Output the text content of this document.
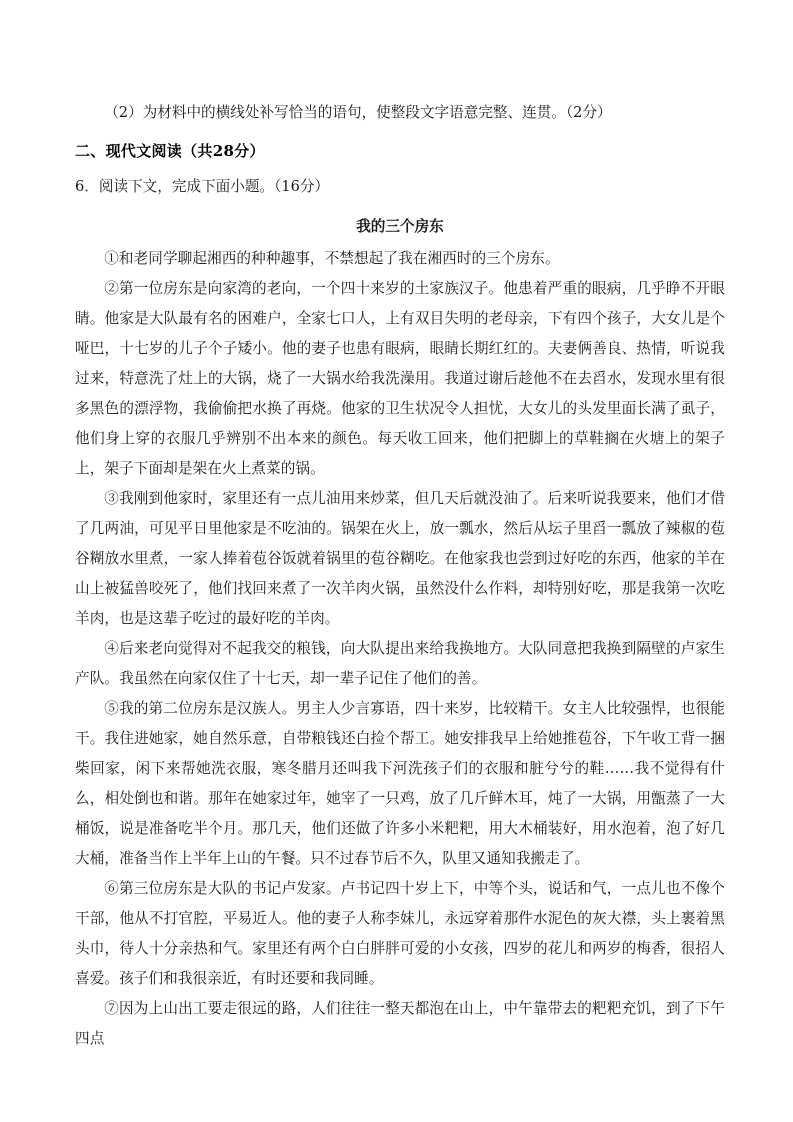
（2）为材料中的横线处补写恰当的语句，使整段文字语意完整、连贯。（2分）

二、现代文阅读（共28分）

6．阅读下文，完成下面小题。（16分）

我的三个房东

①和老同学聊起湘西的种种趣事，不禁想起了我在湘西时的三个房东。

②第一位房东是向家湾的老向，一个四十来岁的土家族汉子。他患着严重的眼病，几乎睁不开眼睛。他家是大队最有名的困难户，全家七口人，上有双目失明的老母亲，下有四个孩子，大女儿是个哑巴，十七岁的儿子个子矮小。他的妻子也患有眼病，眼睛长期红红的。夫妻俩善良、热情，听说我过来，特意洗了灶上的大锅，烧了一大锅水给我洗澡用。我道过谢后趁他不在去舀水，发现水里有很多黑色的漂浮物，我偷偷把水换了再烧。他家的卫生状况令人担忧，大女儿的头发里面长满了虱子，他们身上穿的衣服几乎辨别不出本来的颜色。每天收工回来，他们把脚上的草鞋搁在火塘上的架子上，架子下面却是架在火上煮菜的锅。

③我刚到他家时，家里还有一点儿油用来炒菜，但几天后就没油了。后来听说我要来，他们才借了几两油，可见平日里他家是不吃油的。锅架在火上，放一瓢水，然后从坛子里舀一瓢放了辣椒的苞谷糊放水里煮，一家人捧着苞谷饭就着锅里的苞谷糊吃。在他家我也尝到过好吃的东西，他家的羊在山上被猛兽咬死了，他们找回来煮了一次羊肉火锅，虽然没什么作料，却特别好吃，那是我第一次吃羊肉，也是这辈子吃过的最好吃的羊肉。

④后来老向觉得对不起我交的粮钱，向大队提出来给我换地方。大队同意把我换到隔壁的卢家生产队。我虽然在向家仅住了十七天，却一辈子记住了他们的善。

⑤我的第二位房东是汉族人。男主人少言寡语，四十来岁，比较精干。女主人比较强悍，也很能干。我住进她家，她自然乐意，自带粮钱还白捡个帮工。她安排我早上给她推苞谷，下午收工背一捆柴回家，闲下来帮她洗衣服，寒冬腊月还叫我下河洗孩子们的衣服和脏兮兮的鞋……我不觉得有什么，相处倒也和谐。那年在她家过年，她宰了一只鸡，放了几斤鲜木耳，炖了一大锅，用甑蒸了一大桶饭，说是准备吃半个月。那几天，他们还做了许多小米粑粑，用大木桶装好，用水泡着，泡了好几大桶，准备当作上半年上山的午餐。只不过春节后不久，队里又通知我搬走了。

⑥第三位房东是大队的书记卢发家。卢书记四十岁上下，中等个头，说话和气，一点儿也不像个干部，他从不打官腔，平易近人。他的妻子人称李妹儿，永远穿着那件水泥色的灰大襟，头上裹着黑头巾，待人十分亲热和气。家里还有两个白白胖胖可爱的小女孩，四岁的花儿和两岁的梅香，很招人喜爱。孩子们和我很亲近，有时还要和我同睡。

⑦因为上山出工要走很远的路，人们往往一整天都泡在山上，中午靠带去的粑粑充饥，到了下午四点
